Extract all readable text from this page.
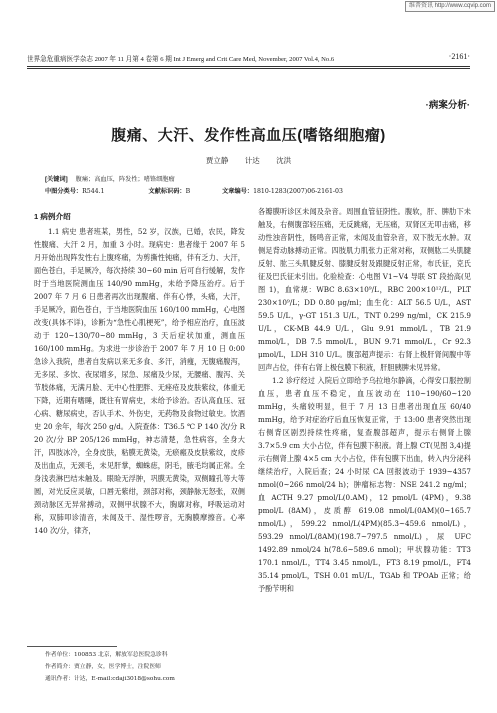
维普资讯 http://www.cqvip.com
世界急危重病医学杂志 2007 年 11 月第 4 卷第 6 期 Int J Emerg and Crit Care Med, November, 2007 Vol.4, No.6	·2161·
·病案分析·
腹痛、大汗、发作性高血压(嗜铬细胞瘤)
贾立静 计达 沈洪
[关键词] 腹痛；高血压，阵发性；嗜铬细胞瘤
中图分类号：R544.1	文献标识码：B	文章编号：1810-1283(2007)06-2161-03

1 病例介绍

1.1 病史 患者班某，男性，52 岁，汉族，已婚，农民，降发性腹痛、大汗 2 月，加重 3 小时。现病史：患者缘于 2007 年 5 月开始出现阵发性右上腹疼痛，为剪撕性钝痛，伴有乏力、大汗，面色苍白，手足厥冷，每次持续 30~60 min 后可自行缓解，发作时于当地医院测血压 140/90 mmHg，未给予降压治疗。后于 2007 年 7 月 6 日患者再次出现腹痛、伴有心悸，头痛，大汗，手足厥冷，面色苍白，于当地医院血压 160/100 mmHg，心电图改变(具体不详)，诊断为“急性心肌梗死”，给予相应治疗，血压波动于 120~130/70~80 mmHg，3 天后症状加重，测血压 160/100 mmHg。为求进一步诊治于 2007 年 7 月 10 日 0:00 急诊入我院，患者自发病以来无多食、多汗，消瘦，无腹痛腹泻，无多尿、多饮、夜尿增多，尿急、尿痛及少尿，无腰痛、腹泻、关节肢体痛，无满月脸、无中心性肥胖、无痤疮及皮肤紫纹，体重无下降，近期有嗜睡，既往有胃病史，未给予诊治。否认高血压、冠心病、糖尿病史，否认手术、外伤史，无药物及食物过敏史。饮酒史 20 余年，每次 250 g/d。入院查体：T36.5 ℃ P 140 次/分 R 20 次/分 BP 205/126 mmHg，神志清楚，急性病容，全身大汗，四肢冰冷，全身皮肤，粘膜无黄染，无瘀瘢及皮肤紫纹，皮疹及出血点，无颈毛，未见肝掌，蜘蛛痣，阴毛，腋毛均属正常。全身浅表淋巴结未触及。眼睑无浮肿，巩膜无黄染，双侧瞳孔等大等圆，对光反应灵敏，口唇无紫绀，颈部对称，颈静脉无怒张，双侧颈动脉区无异常搏动，双侧甲状腺不大，胸廓对称，呼吸运动对称，双肺叩诊清音，未闻及干、湿性啰音，无胸膜摩擦音。心率 140 次/分，律齐，

各瓣膜听诊区未闻及杂音。周围血管征阴性。腹软，肝、脾肋下未触及，右侧腹部轻压痛，无反跳痛，无压痛，双肾区无叩击痛，移动性浊音阴性，肠鸣音正常，未闻及血管杂音，双下肢无水肿。双侧足背动脉搏动正常。四肢肌力肌张力正常对称，双侧肱二头肌腱反射、肱三头肌腱反射、膝腱反射及跟腱反射正常，布氏征，克氏征及巴氏征未引出。化验检查：心电图 V1~V4 导联 ST 段抬高(见图 1)，血常规：WBC 8.63×10⁹/L，RBC 200×10¹²/L，PLT 230×10⁹/L；DD 0.80 μg/ml；血生化：ALT 56.5 U/L，AST 59.5 U/L，γ-GT 151.3 U/L，TNT 0.299 ng/ml，CK 215.9 U/L，CK-MB 44.9 U/L，Glu 9.91 mmol/L，TB 21.9 mmol/L，DB 7.5 mmol/L，BUN 9.71 mmol/L，Cr 92.3 μmol/L，LDH 310 U/L。腹部超声提示：右肾上极肝肾间腹中等回声占位，伴有右肾上极包膜下积液，肝胆胰脾未见异常。

1.2 诊疗经过 入院后立即给予乌拉地尔静滴，心得安口服控制血压，患者血压不稳定，血压波动在 110~190/60~120 mmHg，头痛较明显，但于 7 月 13 日患者出现血压 60/40 mmHg，给予对症治疗后血压恢复正常，于 13:00 患者突然出现右侧背区剧烈持续性疼痛，复查腹部超声，提示右侧肾上腺 3.7×5.9 cm 大小占位，伴有包膜下积液。肾上腺 CT(见图 3,4)提示右侧肾上腺 4×5 cm 大小占位，伴有包膜下出血，转入内分泌科继续治疗，入院后查；24 小时尿 CA 回报波动于 1939~4357 nmol(0~266 nmol/24 h)；肿瘤标志物：NSE 241.2 ng/ml；血 ACTH 9.27 pmol/L(0.AM)，12 pmol/L (4PM)，9.38 pmol/L (8AM)，皮质醇 619.08 nmol/L(0AM)(0~165.7 nmol/L)，599.22 nmol/L(4PM)(85.3~459.6 nmol/L)，593.29 nmol/L(8AM)(198.7~797.5 nmol/L)，尿 UFC 1492.89 nmol/24 h(78.6~589.6 nmol)；甲状腺功能：TT3 170.1 nmol/L，TT4 3.45 nmol/L，FT3 8.19 pmol/L，FT4 35.14 pmol/L，TSH 0.01 mU/L，TGAb 和 TPOAb 正常；给予酚苄明和

作者单位：100853 北京，解放军总医院急诊科
作者简介：贾立静，女，医学博士，注院医师
通讯作者：计达，E-mail:cdaji3018@sohu.com
